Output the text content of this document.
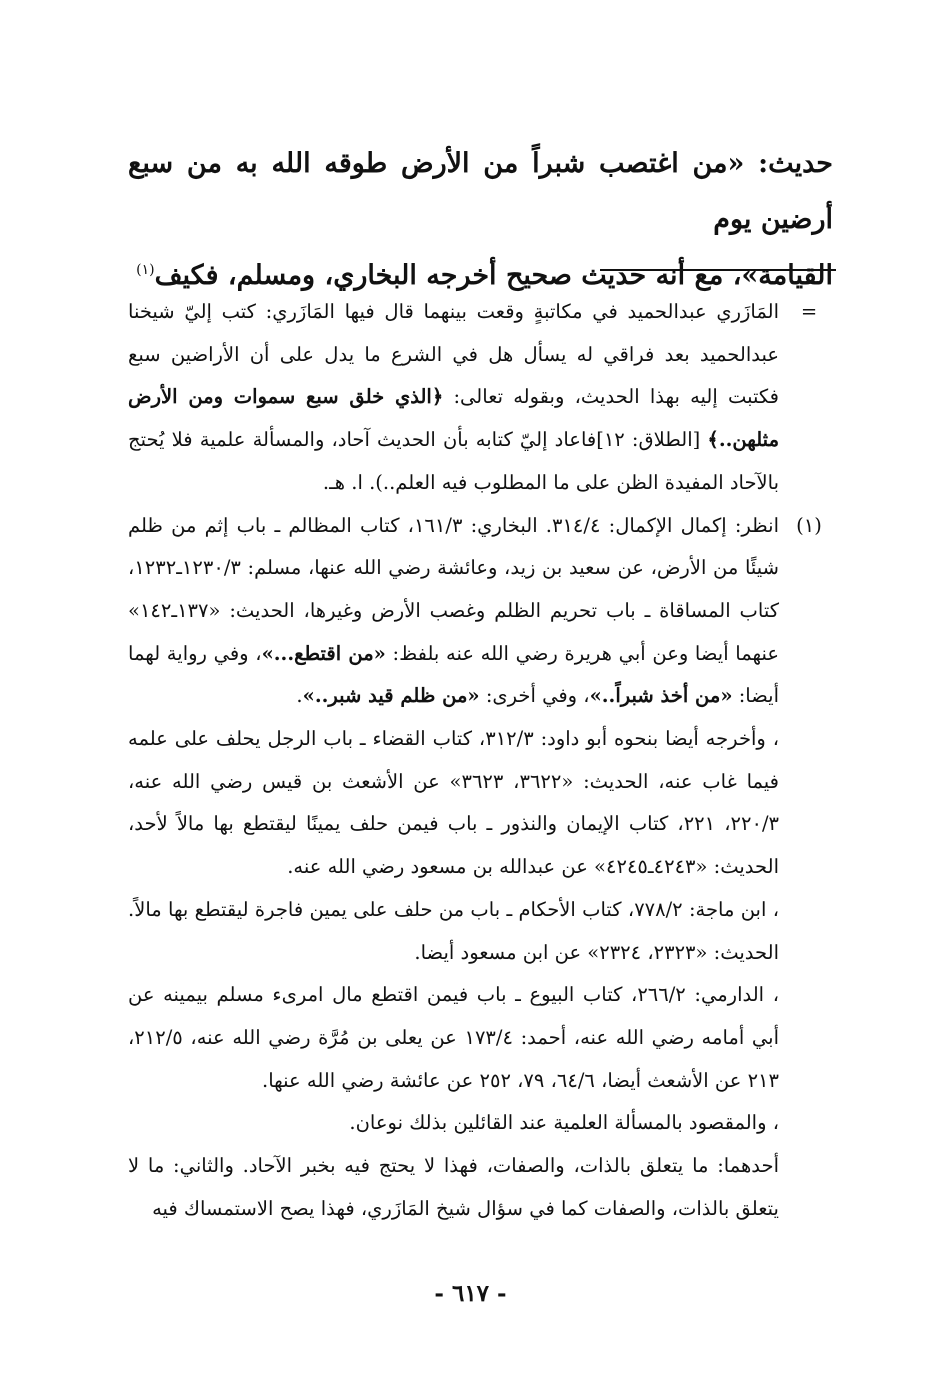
حديث: «من اغتصب شبراً من الأرض طوقه الله به من سبع أرضين يوم

القيامة»، مع أنه حديث صحيح أخرجه البخاري، ومسلم، فكيف$^{(١)}$

=
المَازَري عبدالحميد في مكاتبةٍ وقعت بينهما قال فيها المَازَري: كتب إليّ شيخنا عبدالحميد بعد فراقي له يسأل هل في الشرع ما يدل على أن الأراضين سبع فكتبت إليه بهذا الحديث، وبقوله تعالى: ﴿الذي خلق سبع سموات ومن الأرض مثلهن..﴾ [الطلاق: ١٢]فاعاد إليّ كتابه بأن الحديث آحاد، والمسألة علمية فلا يُحتج بالآحاد المفيدة الظن على ما المطلوب فيه العلم..). ا. هـ.

(١)
انظر: إكمال الإكمال: ٣١٤/٤. البخاري: ١٦١/٣، كتاب المظالم ـ باب إثم من ظلم شيئًا من الأرض، عن سعيد بن زيد، وعائشة رضي الله عنها، مسلم: ١٢٣٠/٣ـ١٢٣٢، كتاب المساقاة ـ باب تحريم الظلم وغصب الأرض وغيرها، الحديث: «١٣٧ـ١٤٢» عنهما أيضا وعن أبي هريرة رضي الله عنه بلفظ: «من اقتطع...»، وفي رواية لهما أيضا: «من أخذ شبراً..»، وفي أخرى: «من ظلم قيد شبر..».

، وأخرجه أيضا بنحوه أبو داود: ٣١٢/٣، كتاب القضاء ـ باب الرجل يحلف على علمه فيما غاب عنه، الحديث: «٣٦٢٢، ٣٦٢٣» عن الأشعث بن قيس رضي الله عنه، ٢٢٠/٣، ٢٢١، كتاب الإيمان والنذور ـ باب فيمن حلف يمينًا ليقتطع بها مالاً لأحد، الحديث: «٤٢٤٣ـ٤٢٤٥» عن عبدالله بن مسعود رضي الله عنه.

، ابن ماجة: ٧٧٨/٢، كتاب الأحكام ـ باب من حلف على يمين فاجرة ليقتطع بها مالاً. الحديث: «٢٣٢٣، ٢٣٢٤» عن ابن مسعود أيضا.

، الدارمي: ٢٦٦/٢، كتاب البيوع ـ باب فيمن اقتطع مال امرىء مسلم بيمينه عن أبي أمامه رضي الله عنه، أحمد: ١٧٣/٤ عن يعلى بن مُرَّة رضي الله عنه، ٢١٢/٥، ٢١٣ عن الأشعث أيضا، ٦٤/٦، ٧٩، ٢٥٢ عن عائشة رضي الله عنها.

، والمقصود بالمسألة العلمية عند القائلين بذلك نوعان.

أحدهما: ما يتعلق بالذات، والصفات، فهذا لا يحتج فيه بخبر الآحاد. والثاني: ما لا يتعلق بالذات، والصفات كما في سؤال شيخ المَازَري، فهذا يصح الاستمساك فيه

- ٦١٧ -
